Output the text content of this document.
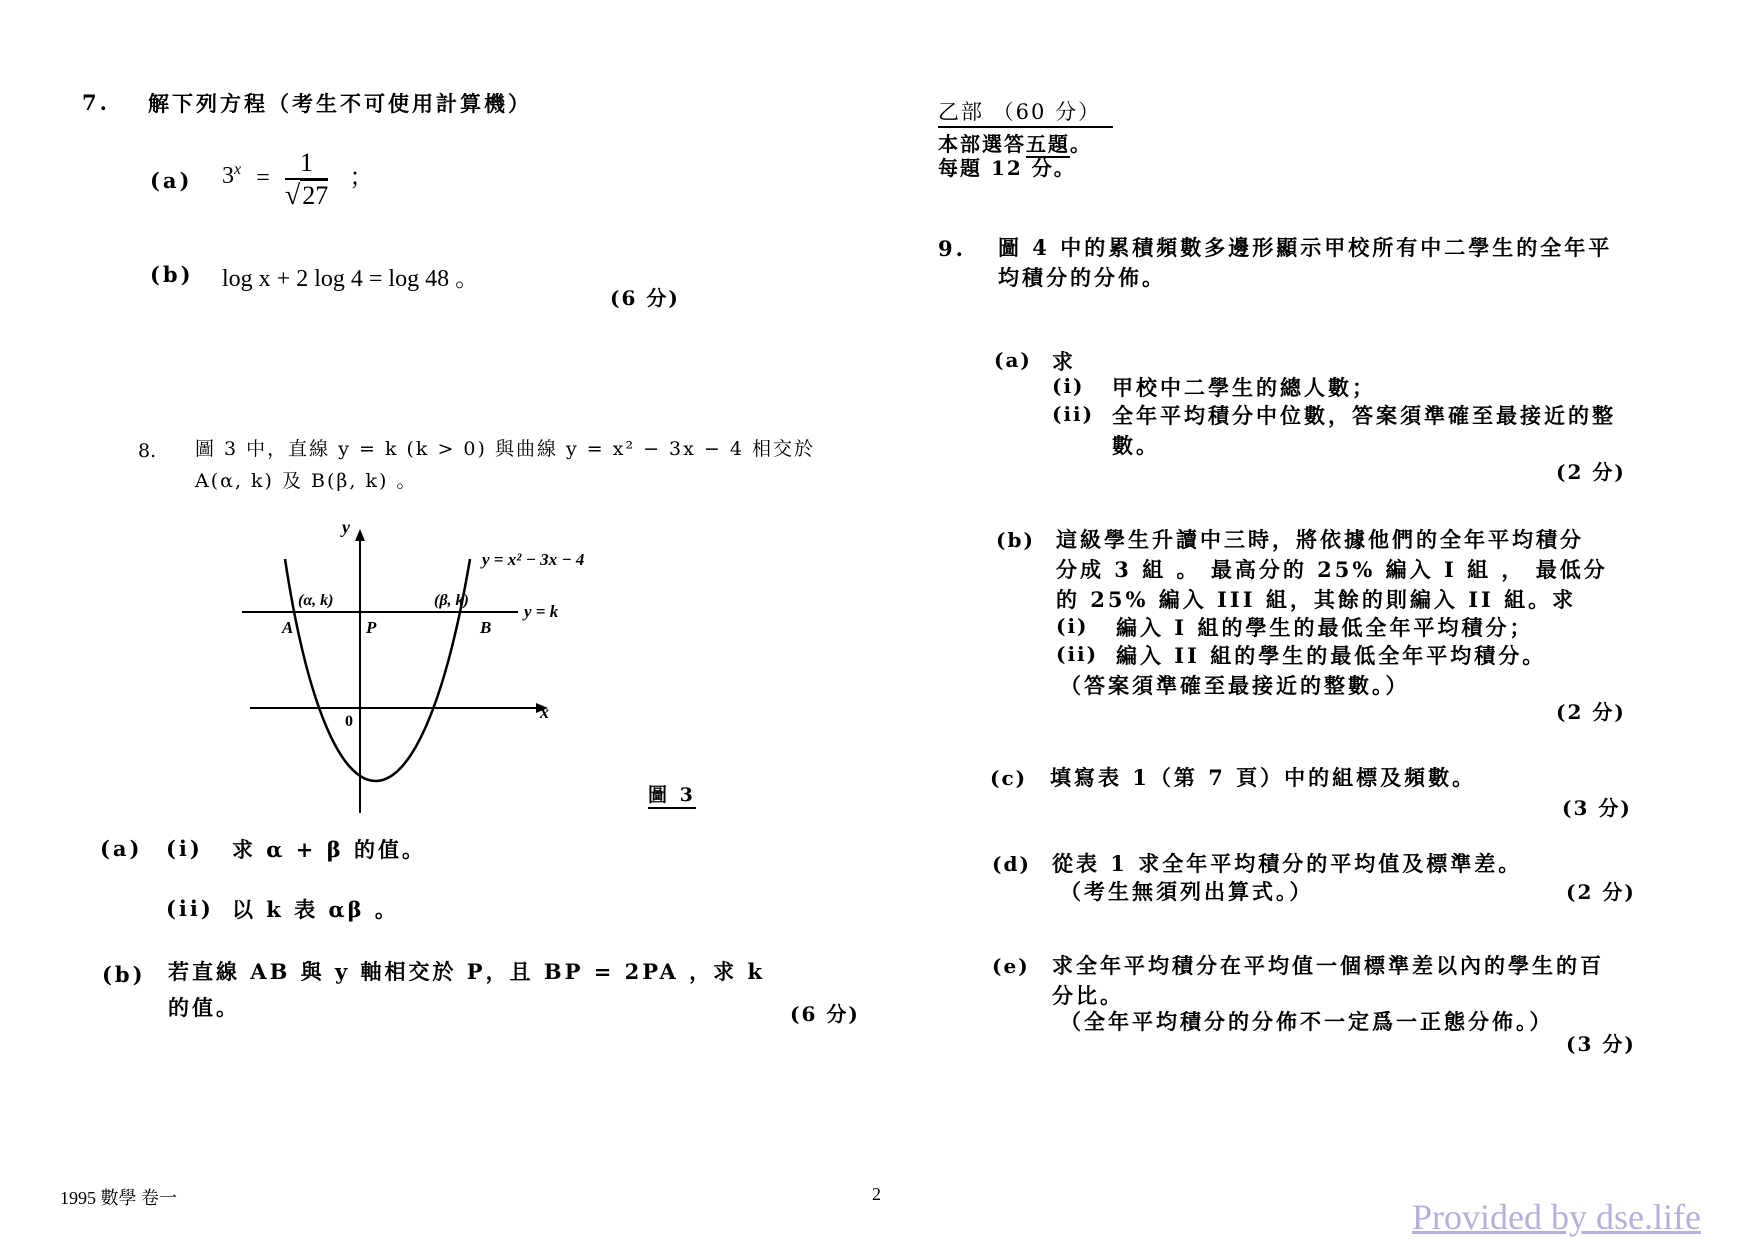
7. 解下列方程（考生不可使用計算機）
(a) $3^x = \frac{1}{√27}$ ；
(b) log x + 2 log 4 = log 48 。
(6 分)
8. 圖 3 中，直線 y = k (k > 0) 與曲線 y = x² − 3x − 4 相交於
A(α, k) 及 B(β, k) 。
y
x
0
y = x² − 3x − 4
y = k
(α, k)	(β, k)
A	P	B
圖 3
(a) (i) 求 α + β 的值。
(ii) 以 k 表 αβ 。
(b) 若直線 AB 與 y 軸相交於 P，且 BP = 2PA ，求 k
的值。	(6 分)
乙部 （60 分）
本部選答五題。
每題 12 分。
9. 圖 4 中的累積頻數多邊形顯示甲校所有中二學生的全年平
均積分的分佈。
(a) 求
(i) 甲校中二學生的總人數；
(ii) 全年平均積分中位數，答案須準確至最接近的整
數。
(2 分)
(b) 這級學生升讀中三時，將依據他們的全年平均積分
分成 3 組 。 最高分的 25% 編入 I 組 ， 最低分
的 25% 編入 III 組，其餘的則編入 II 組。求
(i) 編入 I 組的學生的最低全年平均積分；
(ii) 編入 II 組的學生的最低全年平均積分。
（答案須準確至最接近的整數。）
(2 分)
(c) 填寫表 1（第 7 頁）中的組標及頻數。
(3 分)
(d) 從表 1 求全年平均積分的平均值及標準差。
（考生無須列出算式。）	(2 分)
(e) 求全年平均積分在平均值一個標準差以內的學生的百
分比。
（全年平均積分的分佈不一定爲一正態分佈。）
(3 分)
1995 數學 卷一	2
Provided by dse.life
